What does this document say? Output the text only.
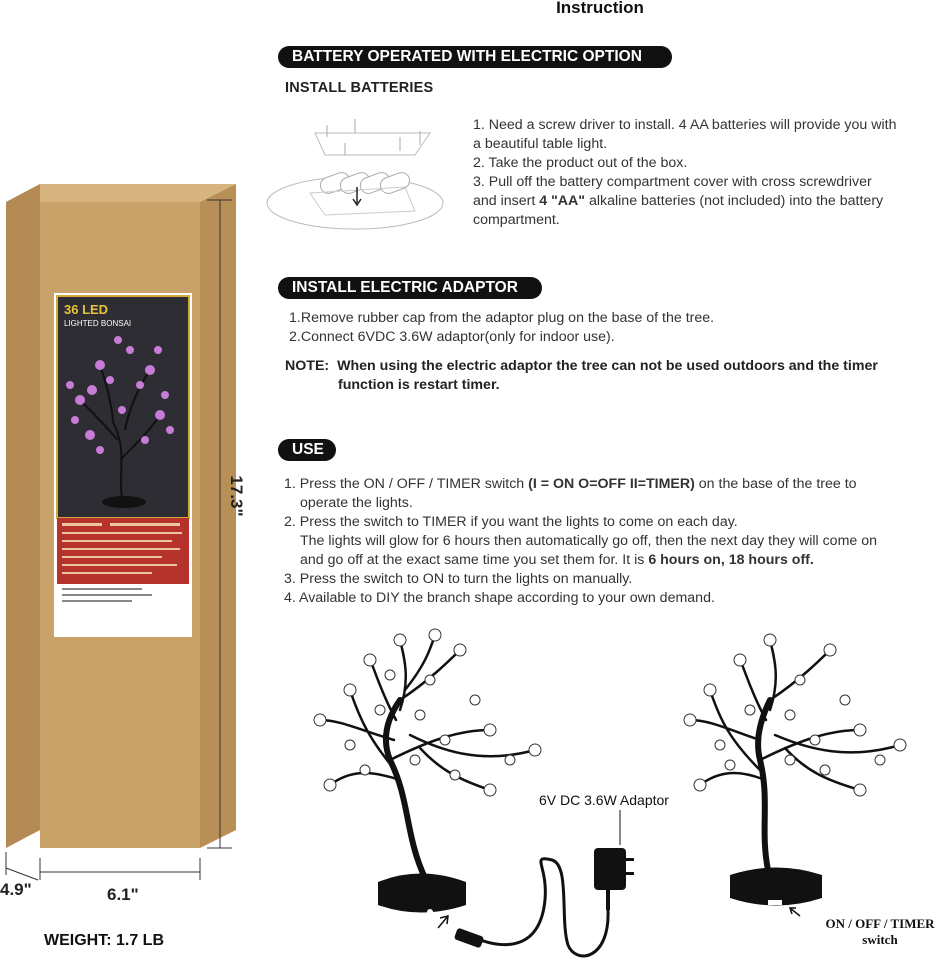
Instruction
BATTERY OPERATED WITH ELECTRIC OPTION
INSTALL BATTERIES

1. Need a screw driver to install. 4 AA batteries will provide you with

a beautiful table light.

2. Take the product out of the box.

3. Pull off the battery compartment cover with cross screwdriver

and insert 4 "AA" alkaline batteries (not included) into the battery

compartment.

INSTALL ELECTRIC ADAPTOR

1.Remove rubber cap from the adaptor plug on the base of the tree.

2.Connect 6VDC 3.6W adaptor(only for indoor use).

NOTE: When using the electric adaptor the tree can not be used outdoors and the timer
function is restart timer.
USE

1. Press the ON / OFF / TIMER switch (I = ON O=OFF II=TIMER) on the base of the tree to

operate the lights.

2. Press the switch to TIMER if you want the lights to come on each day.

The lights will glow for 6 hours then automatically go off, then the next day they will come on

and go off at the exact same time you set them for. It is 6 hours on, 18 hours off.

3. Press the switch to ON to turn the lights on manually.

4. Available to DIY the branch shape according to your own demand.

36 LED
LIGHTED BONSAI
17.3"
6.1"
4.9"
WEIGHT: 1.7 LB
6V DC 3.6W Adaptor
ON / OFF / TIMER
switch
